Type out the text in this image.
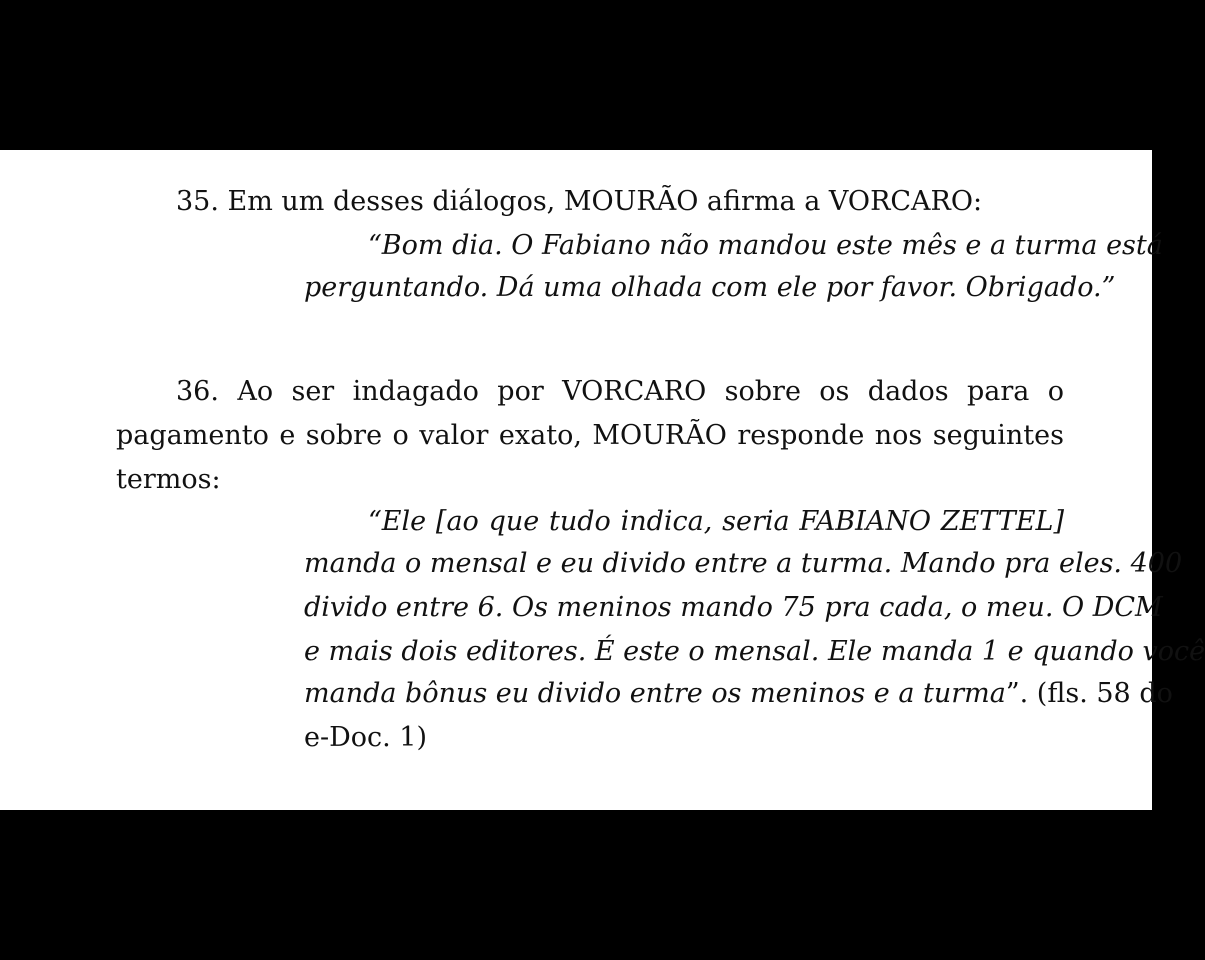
35. Em um desses diálogos, MOURÃO afirma a VORCARO:
“Bom dia. O Fabiano não mandou este mês e a turma está
perguntando. Dá uma olhada com ele por favor. Obrigado.”
36. Ao ser indagado por VORCARO sobre os dados para o
pagamento e sobre o valor exato, MOURÃO responde nos seguintes
termos:
“Ele [ao que tudo indica, seria FABIANO ZETTEL]
manda o mensal e eu divido entre a turma. Mando pra eles. 400
divido entre 6. Os meninos mando 75 pra cada, o meu. O DCM
e mais dois editores. É este o mensal. Ele manda 1 e quando você
manda bônus eu divido entre os meninos e a turma ”. (fls. 58 do
e-Doc. 1)
